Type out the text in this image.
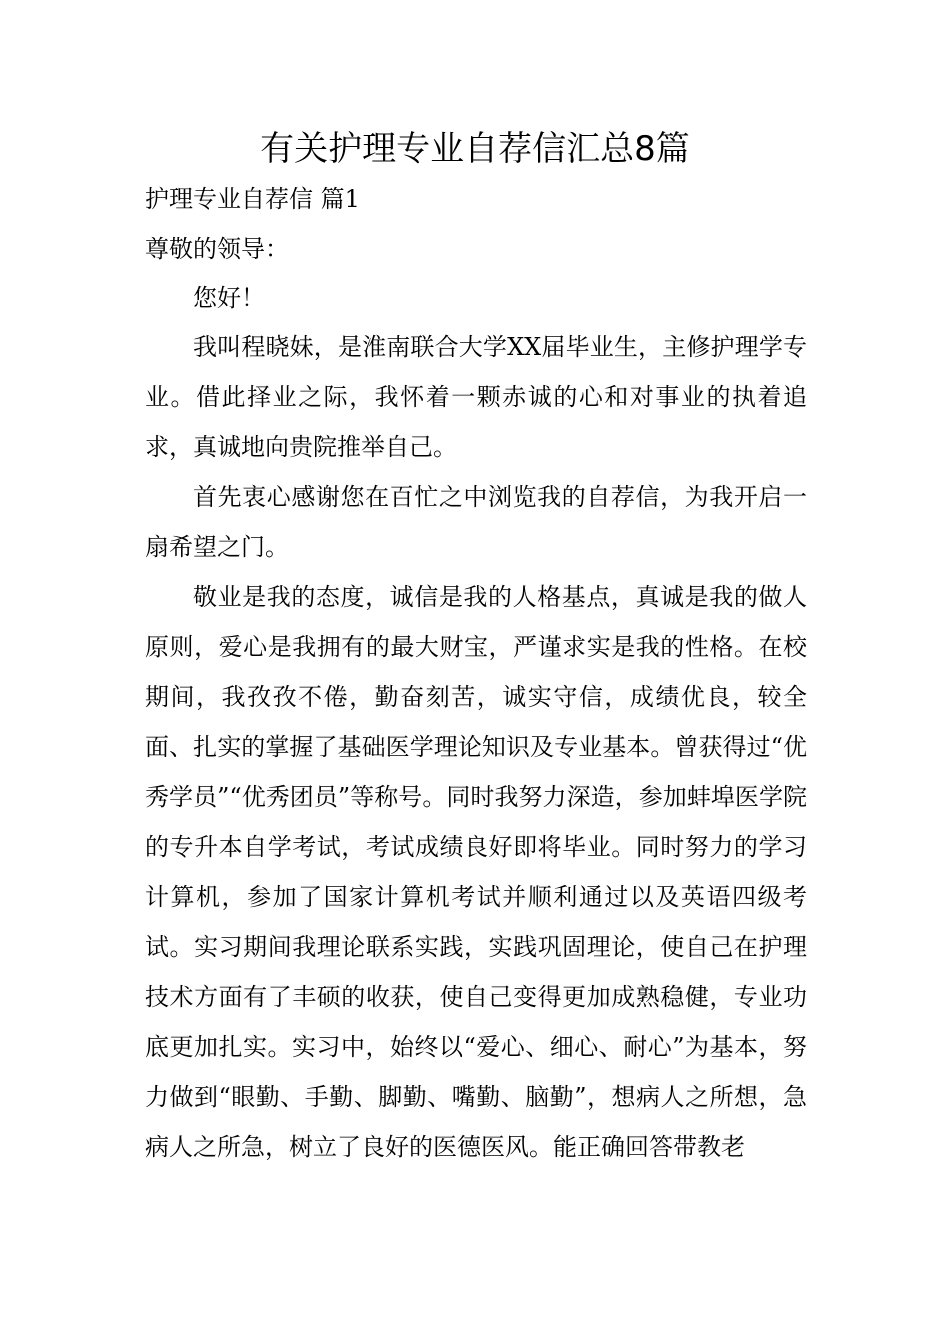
有关护理专业自荐信汇总8篇
护理专业自荐信 篇1
尊敬的领导：
您好！

我叫程晓妹，是淮南联合大学XX届毕业生，主修护理学专业。借此择业之际，我怀着一颗赤诚的心和对事业的执着追求，真诚地向贵院推举自己。

首先衷心感谢您在百忙之中浏览我的自荐信，为我开启一扇希望之门。

敬业是我的态度，诚信是我的人格基点，真诚是我的做人原则，爱心是我拥有的最大财宝，严谨求实是我的性格。在校期间，我孜孜不倦，勤奋刻苦，诚实守信，成绩优良，较全面、扎实的掌握了基础医学理论知识及专业基本。曾获得过“优秀学员”“优秀团员”等称号。同时我努力深造，参加蚌埠医学院的专升本自学考试，考试成绩良好即将毕业。同时努力的学习计算机，参加了国家计算机考试并顺利通过以及英语四级考试。实习期间我理论联系实践，实践巩固理论，使自己在护理技术方面有了丰硕的收获，使自己变得更加成熟稳健，专业功底更加扎实。实习中，始终以“爱心、细心、耐心”为基本，努力做到“眼勤、手勤、脚勤、嘴勤、脑勤”，想病人之所想，急病人之所急，树立了良好的医德医风。能正确回答带教老
